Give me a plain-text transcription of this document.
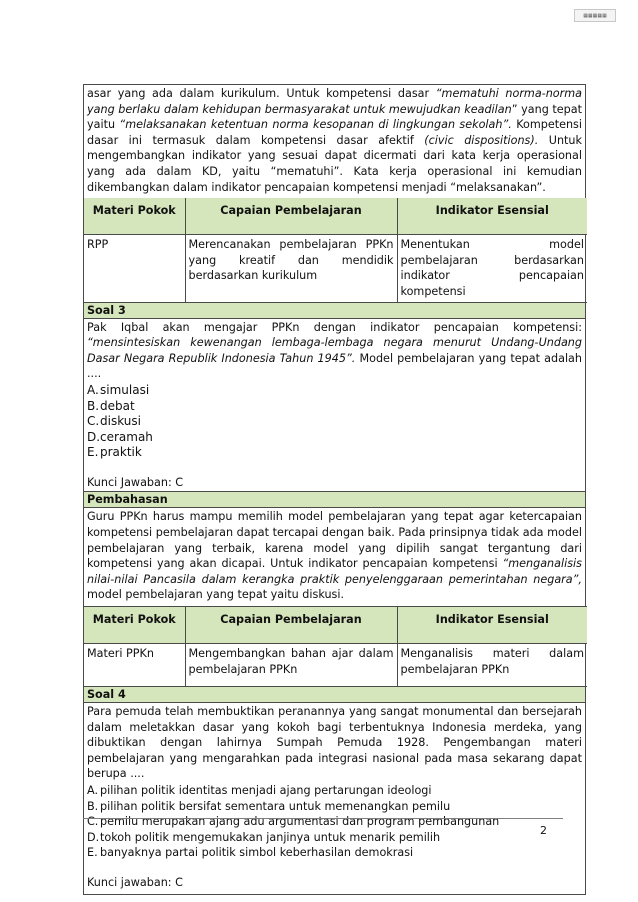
▦▦▦▦▦
asar yang ada dalam kurikulum. Untuk kompetensi dasar “mematuhi norma-norma yang berlaku dalam kehidupan bermasyarakat untuk mewujudkan keadilan” yang tepat yaitu “melaksanakan ketentuan norma kesopanan di lingkungan sekolah”. Kompetensi dasar ini termasuk dalam kompetensi dasar afektif (civic dispositions). Untuk mengembangkan indikator yang sesuai dapat dicermati dari kata kerja operasional yang ada dalam KD, yaitu “mematuhi”. Kata kerja operasional ini kemudian dikembangkan dalam indikator pencapaian kompetensi menjadi “melaksanakan”.
Materi Pokok	Capaian Pembelajaran	Indikator Esensial
RPP	Merencanakan pembelajaran PPKn yang kreatif dan mendidik berdasarkan kurikulum	Menentukan model pembelajaran berdasarkan indikator pencapaian kompetensi
Soal 3
Pak Iqbal akan mengajar PPKn dengan indikator pencapaian kompetensi: “mensintesiskan kewenangan lembaga-lembaga negara menurut Undang-Undang Dasar Negara Republik Indonesia Tahun 1945”. Model pembelajaran yang tepat adalah ....
A. simulasi
B. debat
C. diskusi
D. ceramah
E. praktik
Kunci Jawaban: C
Pembahasan
Guru PPKn harus mampu memilih model pembelajaran yang tepat agar ketercapaian kompetensi pembelajaran dapat tercapai dengan baik. Pada prinsipnya tidak ada model pembelajaran yang terbaik, karena model yang dipilih sangat tergantung dari kompetensi yang akan dicapai. Untuk indikator pencapaian kompetensi “menganalisis nilai-nilai Pancasila dalam kerangka praktik penyelenggaraan pemerintahan negara”, model pembelajaran yang tepat yaitu diskusi.
Materi Pokok	Capaian Pembelajaran	Indikator Esensial
Materi PPKn	Mengembangkan bahan ajar dalam pembelajaran PPKn	Menganalisis materi dalam pembelajaran PPKn
Soal 4
Para pemuda telah membuktikan peranannya yang sangat monumental dan bersejarah dalam meletakkan dasar yang kokoh bagi terbentuknya Indonesia merdeka, yang dibuktikan dengan lahirnya Sumpah Pemuda 1928. Pengembangan materi pembelajaran yang mengarahkan pada integrasi nasional pada masa sekarang dapat berupa ....
A. pilihan politik identitas menjadi ajang pertarungan ideologi
B. pilihan politik bersifat sementara untuk memenangkan pemilu
C. pemilu merupakan ajang adu argumentasi dan program pembangunan
D. tokoh politik mengemukakan janjinya untuk menarik pemilih
E. banyaknya partai politik simbol keberhasilan demokrasi
Kunci jawaban: C
2
